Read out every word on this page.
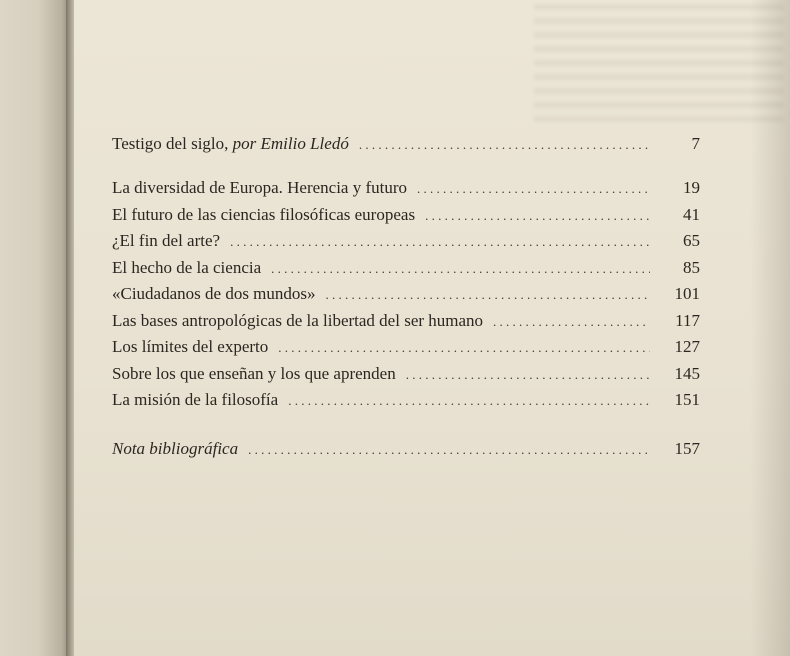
Testigo del siglo, por Emilio Lledó . . .	7
La diversidad de Europa. Herencia y futuro . . .	19
El futuro de las ciencias filosóficas europeas . . .	41
¿El fin del arte? . . .	65
El hecho de la ciencia . . .	85
«Ciudadanos de dos mundos» . . .	101
Las bases antropológicas de la libertad del ser humano . . .	117
Los límites del experto . . .	127
Sobre los que enseñan y los que aprenden . . .	145
La misión de la filosofía . . .	151
Nota bibliográfica . . .	157
